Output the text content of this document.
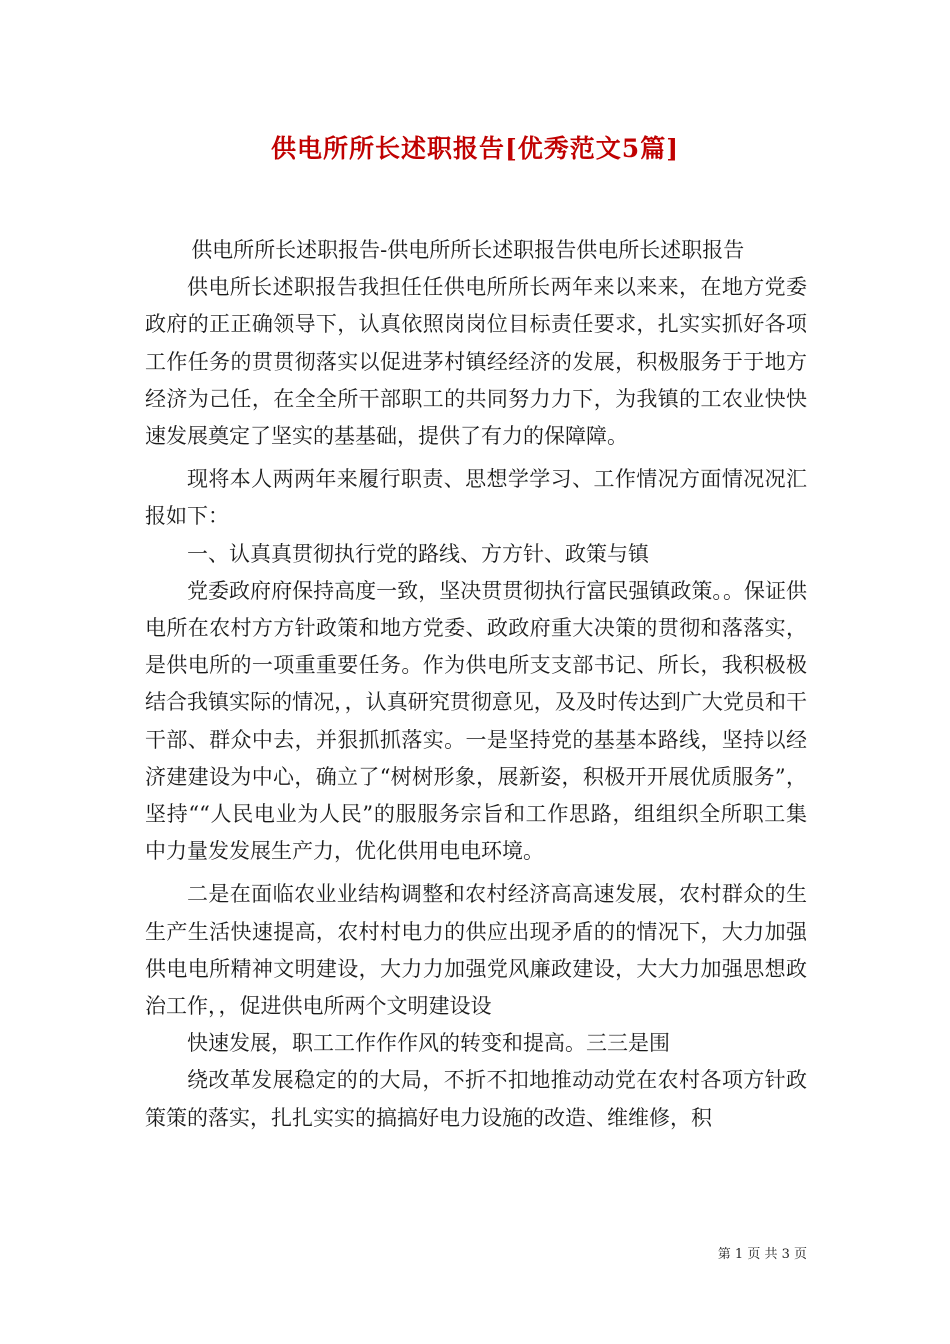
供电所所长述职报告[优秀范文5篇]

供电所所长述职报告-供电所所长述职报告供电所长述职报告

供电所长述职报告我担任任供电所所长两年来以来来，在地方党委政府的正正确领导下，认真依照岗岗位目标责任要求，扎实实抓好各项工作任务的贯贯彻落实以促进茅村镇经经济的发展，积极服务于于地方经济为己任，在全全所干部职工的共同努力力下，为我镇的工农业快快速发展奠定了坚实的基基础，提供了有力的保障障。

现将本人两两年来履行职责、思想学学习、工作情况方面情况况汇报如下：

一、认真真贯彻执行党的路线、方方针、政策与镇

党委政府府保持高度一致，坚决贯贯彻执行富民强镇政策。。保证供电所在农村方方针政策和地方党委、政政府重大决策的贯彻和落落实，是供电所的一项重重要任务。作为供电所支支部书记、所长，我积极极结合我镇实际的情况，，认真研究贯彻意见，及及时传达到广大党员和干干部、群众中去，并狠抓抓落实。一是坚持党的基基本路线，坚持以经济建建设为中心，确立了“树树形象，展新姿，积极开开展优质服务”，坚持““人民电业为人民”的服服务宗旨和工作思路，组组织全所职工集中力量发发展生产力，优化供用电电环境。

二是在面临农业业结构调整和农村经济高高速发展，农村群众的生生产生活快速提高，农村村电力的供应出现矛盾的的情况下，大力加强供电电所精神文明建设，大力力加强党风廉政建设，大大力加强思想政治工作，，促进供电所两个文明建设设

快速发展，职工工作作作风的转变和提高。三三是围

绕改革发展稳定的的大局，不折不扣地推动动党在农村各项方针政策策的落实，扎扎实实的搞搞好电力设施的改造、维维修，积

第 1 页 共 3 页
